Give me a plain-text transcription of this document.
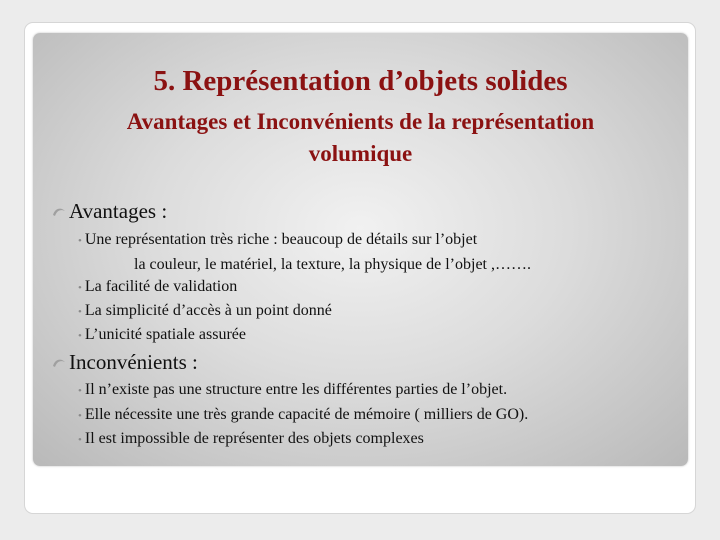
5. Représentation d’objets solides
Avantages et Inconvénients de la représentation
volumique
Avantages :
• Une représentation très riche : beaucoup de détails sur l’objet
la couleur, le matériel, la texture, la physique de l’objet ,…….
• La facilité de validation
• La simplicité d’accès à un point donné
• L’unicité spatiale assurée
Inconvénients :
• Il n’existe pas une structure entre les différentes parties de l’objet.
• Elle nécessite une très grande capacité de mémoire ( milliers de GO).
• Il est impossible de représenter des objets complexes
